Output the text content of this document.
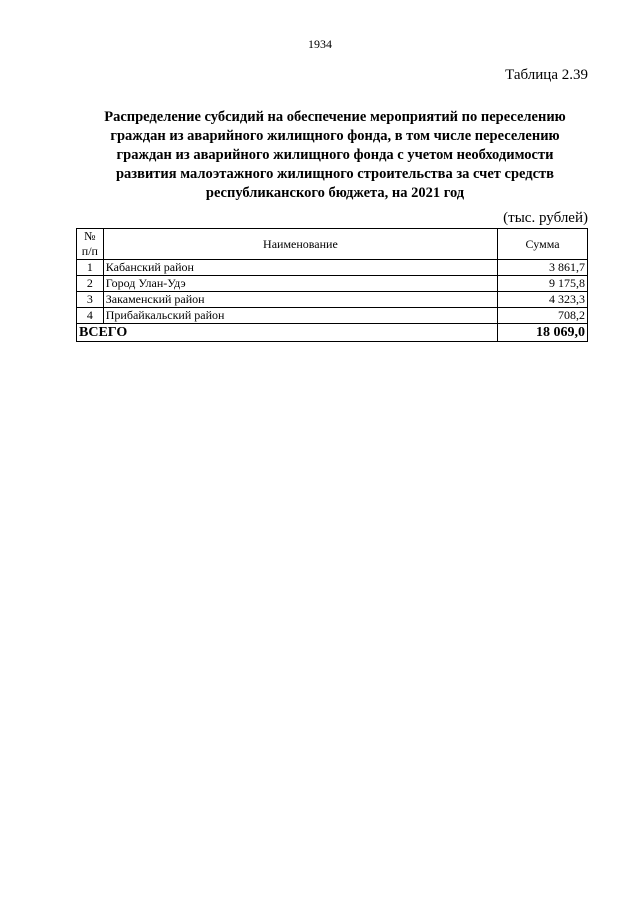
1934
Таблица 2.39
Распределение субсидий на обеспечение мероприятий по переселению
граждан из аварийного жилищного фонда, в том числе переселению
граждан из аварийного жилищного фонда с учетом необходимости
развития малоэтажного жилищного строительства за счет средств
республиканского бюджета, на 2021 год
(тыс. рублей)
№
п/п	Наименование	Сумма
1	Кабанский район	3 861,7
2	Город Улан-Удэ	9 175,8
3	Закаменский район	4 323,3
4	Прибайкальский район	708,2
ВСЕГО		18 069,0
